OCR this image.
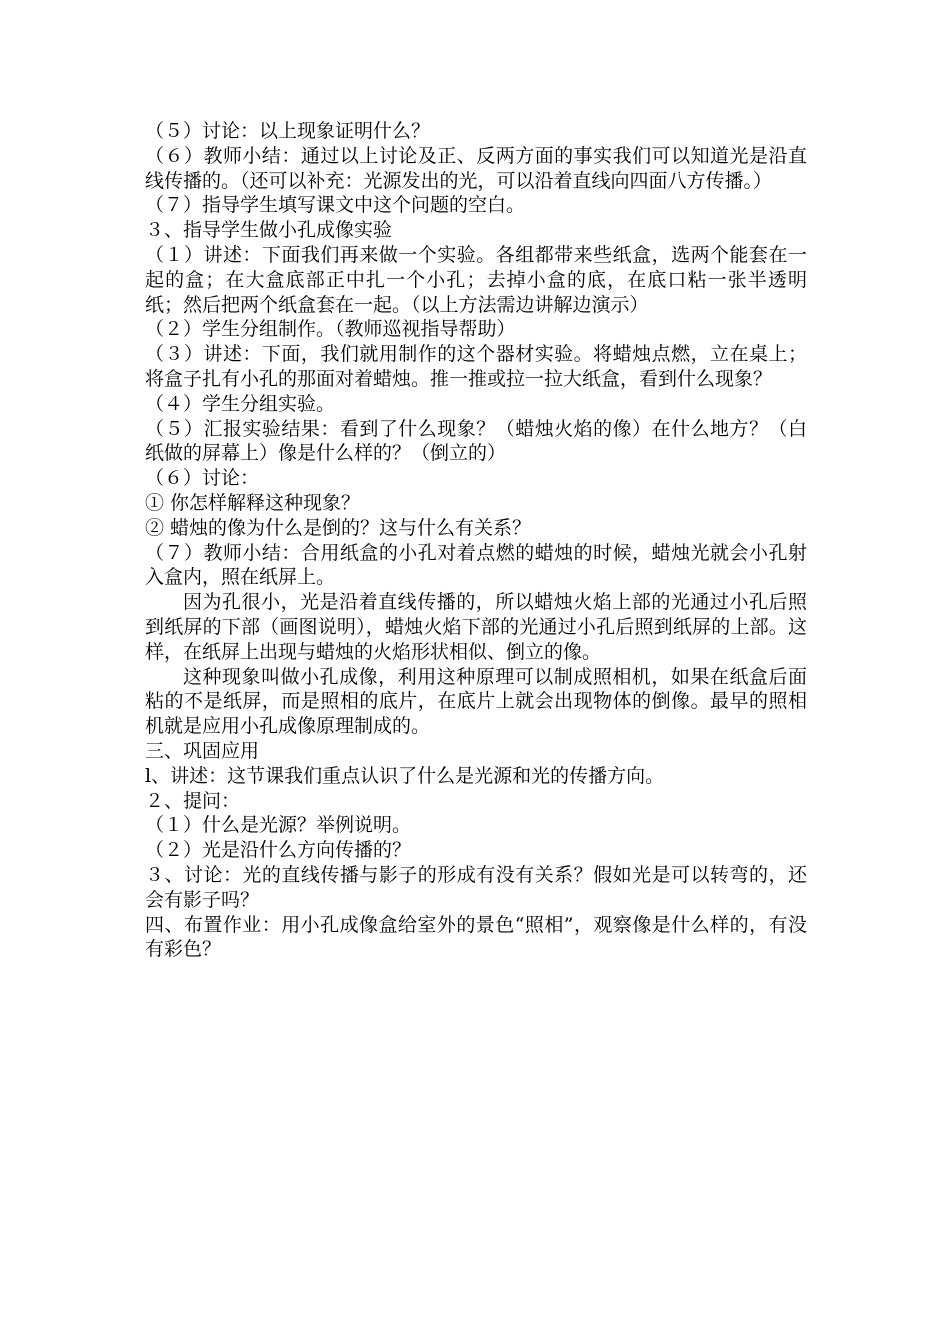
（５）讨论：以上现象证明什么？

（６）教师小结：通过以上讨论及正、反两方面的事实我们可以知道光是沿直线传播的。（还可以补充：光源发出的光，可以沿着直线向四面八方传播。）

（７）指导学生填写课文中这个问题的空白。

３、指导学生做小孔成像实验

（１）讲述：下面我们再来做一个实验。各组都带来些纸盒，选两个能套在一起的盒；在大盒底部正中扎一个小孔；去掉小盒的底，在底口粘一张半透明纸；然后把两个纸盒套在一起。（以上方法需边讲解边演示）

（２）学生分组制作。（教师巡视指导帮助）

（３）讲述：下面，我们就用制作的这个器材实验。将蜡烛点燃，立在桌上；将盒子扎有小孔的那面对着蜡烛。推一推或拉一拉大纸盒，看到什么现象？

（４）学生分组实验。

（５）汇报实验结果：看到了什么现象？（蜡烛火焰的像）在什么地方？（白纸做的屏幕上）像是什么样的？（倒立的）

（６）讨论：

① 你怎样解释这种现象？

② 蜡烛的像为什么是倒的？这与什么有关系？

（７）教师小结：合用纸盒的小孔对着点燃的蜡烛的时候，蜡烛光就会小孔射入盒内，照在纸屏上。

因为孔很小，光是沿着直线传播的，所以蜡烛火焰上部的光通过小孔后照到纸屏的下部（画图说明），蜡烛火焰下部的光通过小孔后照到纸屏的上部。这样，在纸屏上出现与蜡烛的火焰形状相似、倒立的像。

这种现象叫做小孔成像，利用这种原理可以制成照相机，如果在纸盒后面粘的不是纸屏，而是照相的底片，在底片上就会出现物体的倒像。最早的照相机就是应用小孔成像原理制成的。

三、巩固应用

l、讲述：这节课我们重点认识了什么是光源和光的传播方向。

２、提问：

（１）什么是光源？举例说明。

（２）光是沿什么方向传播的？

３、讨论：光的直线传播与影子的形成有没有关系？假如光是可以转弯的，还会有影子吗？

四、布置作业：用小孔成像盒给室外的景色“照相”，观察像是什么样的，有没有彩色？
